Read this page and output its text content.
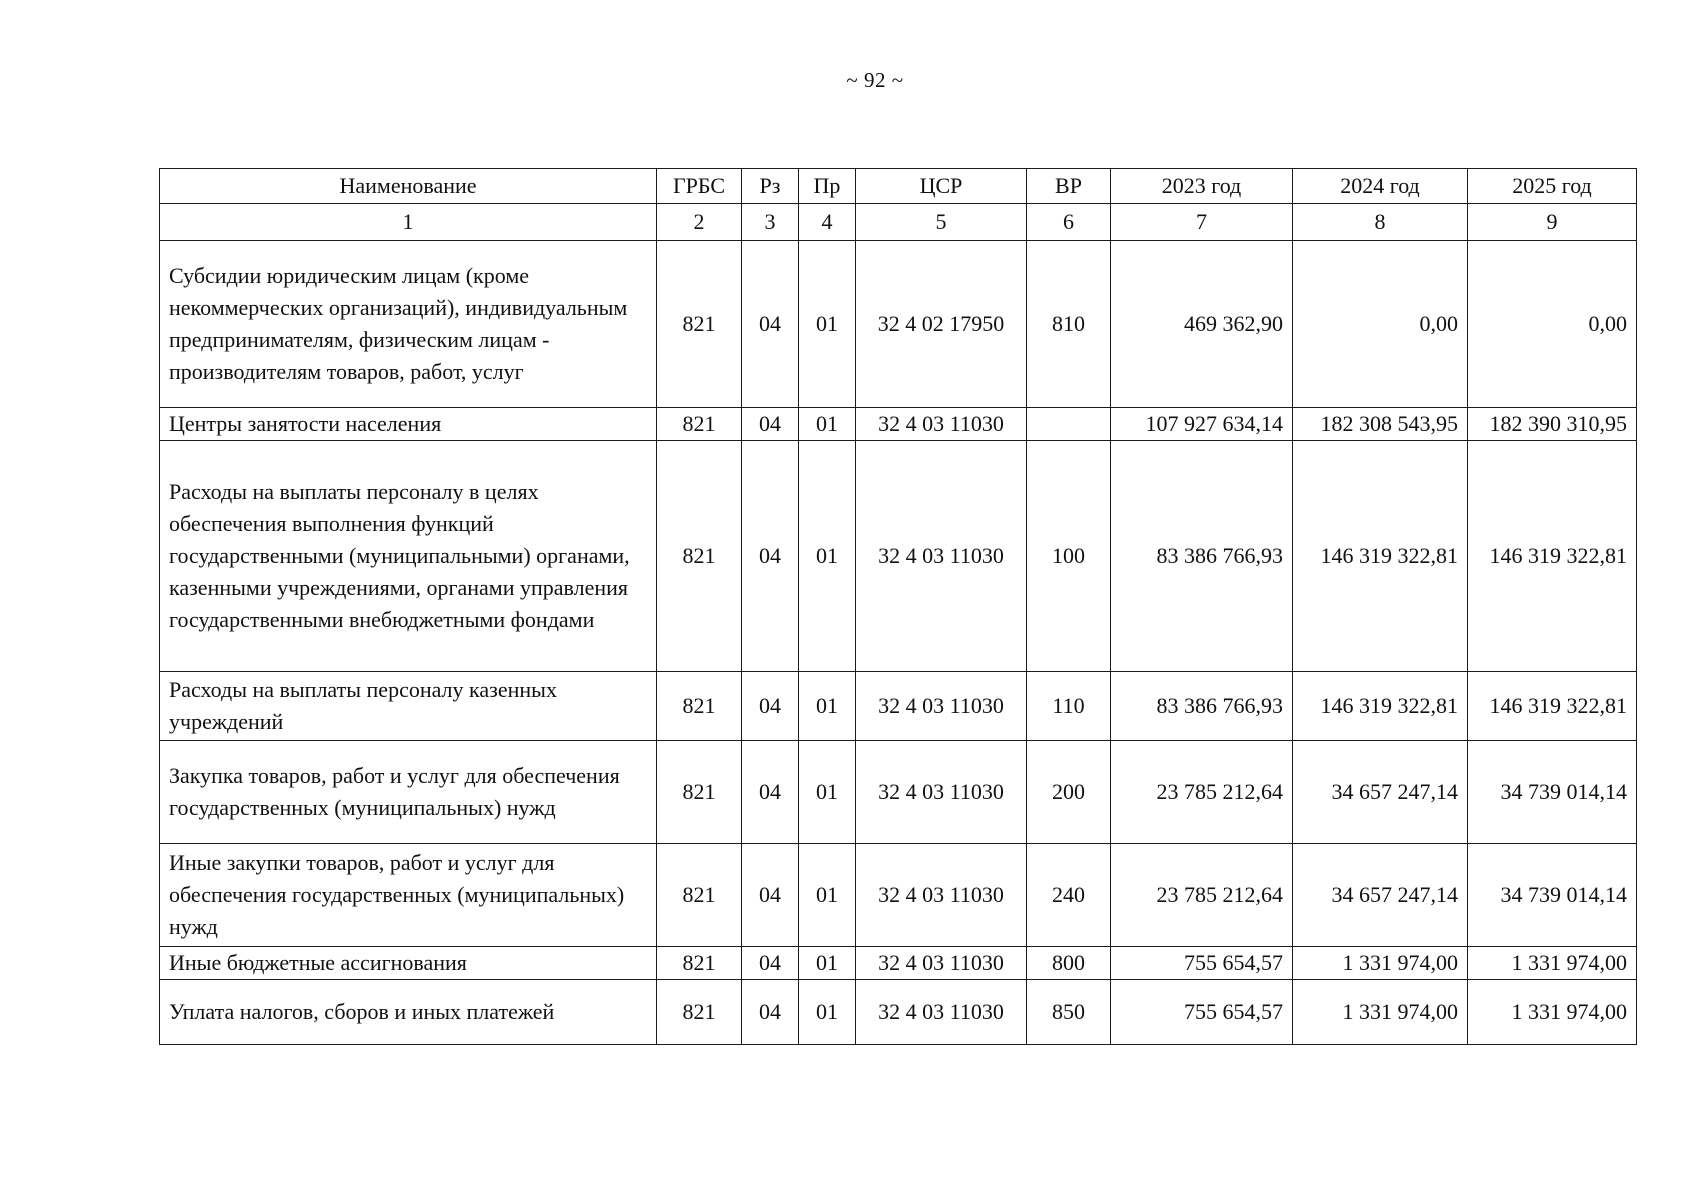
~ 92 ~
Наименование	ГРБС	Рз	Пр	ЦСР	ВР	2023 год	2024 год	2025 год
1	2	3	4	5	6	7	8	9
Субсидии юридическим лицам (кроме некоммерческих организаций), индивидуальным предпринимателям, физическим лицам - производителям товаров, работ, услуг	821	04	01	32 4 02 17950	810	469 362,90	0,00	0,00
Центры занятости населения	821	04	01	32 4 03 11030		107 927 634,14	182 308 543,95	182 390 310,95
Расходы на выплаты персоналу в целях обеспечения выполнения функций государственными (муниципальными) органами, казенными учреждениями, органами управления государственными внебюджетными фондами	821	04	01	32 4 03 11030	100	83 386 766,93	146 319 322,81	146 319 322,81
Расходы на выплаты персоналу казенных учреждений	821	04	01	32 4 03 11030	110	83 386 766,93	146 319 322,81	146 319 322,81
Закупка товаров, работ и услуг для обеспечения государственных (муниципальных) нужд	821	04	01	32 4 03 11030	200	23 785 212,64	34 657 247,14	34 739 014,14
Иные закупки товаров, работ и услуг для обеспечения государственных (муниципальных) нужд	821	04	01	32 4 03 11030	240	23 785 212,64	34 657 247,14	34 739 014,14
Иные бюджетные ассигнования	821	04	01	32 4 03 11030	800	755 654,57	1 331 974,00	1 331 974,00
Уплата налогов, сборов и иных платежей	821	04	01	32 4 03 11030	850	755 654,57	1 331 974,00	1 331 974,00
